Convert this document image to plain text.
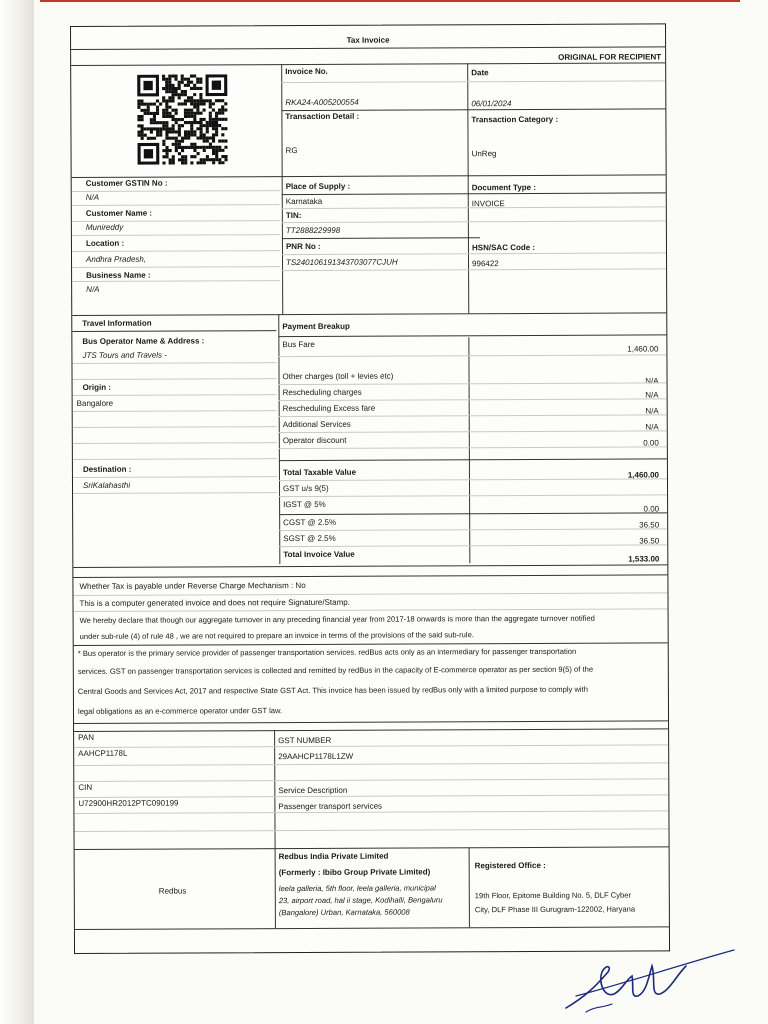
Tax Invoice
ORIGINAL FOR RECIPIENT
Invoice No.	Date
RKA24-A005200554	06/01/2024
Transaction Detail :	Transaction Category :
RG	UnReg
Customer GSTIN No :
N/A
Customer Name :
Munireddy
Location :
Andhra Pradesh,
Business Name :
N/A
Place of Supply :
Karnataka
TIN:
TT2888229998
PNR No :
TS240106191343703077CJUH
Document Type :
INVOICE
HSN/SAC Code :
996422
Travel Information	Payment Breakup
Bus Operator Name & Address :
JTS Tours and Travels -
Origin :
Bangalore
Destination :
SriKalahasthi
Bus Fare	1,460.00
Other charges (toll + levies etc)	N/A
Rescheduling charges	N/A
Rescheduling Excess fare	N/A
Additional Services	N/A
Operator discount	0.00
Total Taxable Value	1,460.00
GST u/s 9(5)
IGST @ 5%	0.00
CGST @ 2.5%	36.50
SGST @ 2.5%	36.50
Total Invoice Value	1,533.00
Whether Tax is payable under Reverse Charge Mechanism : No
This is a computer generated invoice and does not require Signature/Stamp.
We hereby declare that though our aggregate turnover in any preceding financial year from 2017-18 onwards is more than the aggregate turnover notified
under sub-rule (4) of rule 48 , we are not required to prepare an invoice in terms of the provisions of the said sub-rule.
* Bus operator is the primary service provider of passenger transportation services. redBus acts only as an intermediary for passenger transportation
services. GST on passenger transportation services is collected and remitted by redBus in the capacity of E-commerce operator as per section 9(5) of the
Central Goods and Services Act, 2017 and respective State GST Act. This invoice has been issued by redBus only with a limited purpose to comply with
legal obligations as an e-commerce operator under GST law.
PAN
AAHCP1178L
GST NUMBER
29AAHCP1178L1ZW
CIN
U72900HR2012PTC090199
Service Description
Passenger transport services
Redbus
Redbus India Private Limited
(Formerly : Ibibo Group Private Limited)
leela galleria, 5th floor, leela galleria, municipal
23, airport road, hal ii stage, Kodihalli, Bengaluru
(Bangalore) Urban, Karnataka, 560008
Registered Office :
19th Floor, Epitome Building No. 5, DLF Cyber
City, DLF Phase III Gurugram-122002, Haryana
